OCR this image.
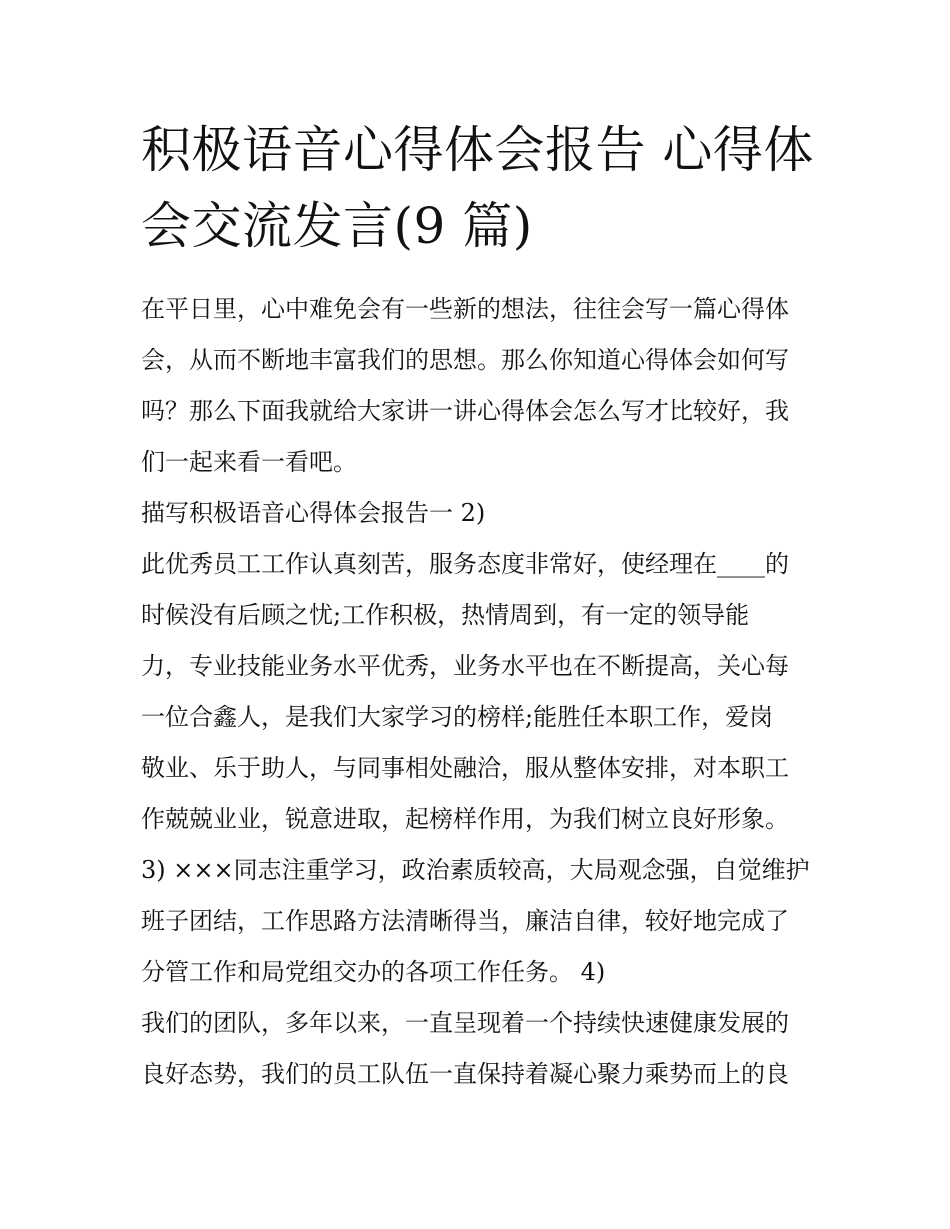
积极语音心得体会报告 心得体
会交流发言(9 篇)
在平日里，心中难免会有一些新的想法，往往会写一篇心得体
会，从而不断地丰富我们的思想。那么你知道心得体会如何写
吗？那么下面我就给大家讲一讲心得体会怎么写才比较好，我
们一起来看一看吧。
描写积极语音心得体会报告一 2)
此优秀员工工作认真刻苦，服务态度非常好，使经理在____的
时候没有后顾之忧;工作积极，热情周到，有一定的领导能
力，专业技能业务水平优秀，业务水平也在不断提高，关心每
一位合鑫人，是我们大家学习的榜样;能胜任本职工作，爱岗
敬业、乐于助人，与同事相处融洽，服从整体安排，对本职工
作兢兢业业，锐意进取，起榜样作用，为我们树立良好形象。
3) ×××同志注重学习，政治素质较高，大局观念强，自觉维护
班子团结，工作思路方法清晰得当，廉洁自律，较好地完成了
分管工作和局党组交办的各项工作任务。 4)
我们的团队，多年以来，一直呈现着一个持续快速健康发展的
良好态势，我们的员工队伍一直保持着凝心聚力乘势而上的良
